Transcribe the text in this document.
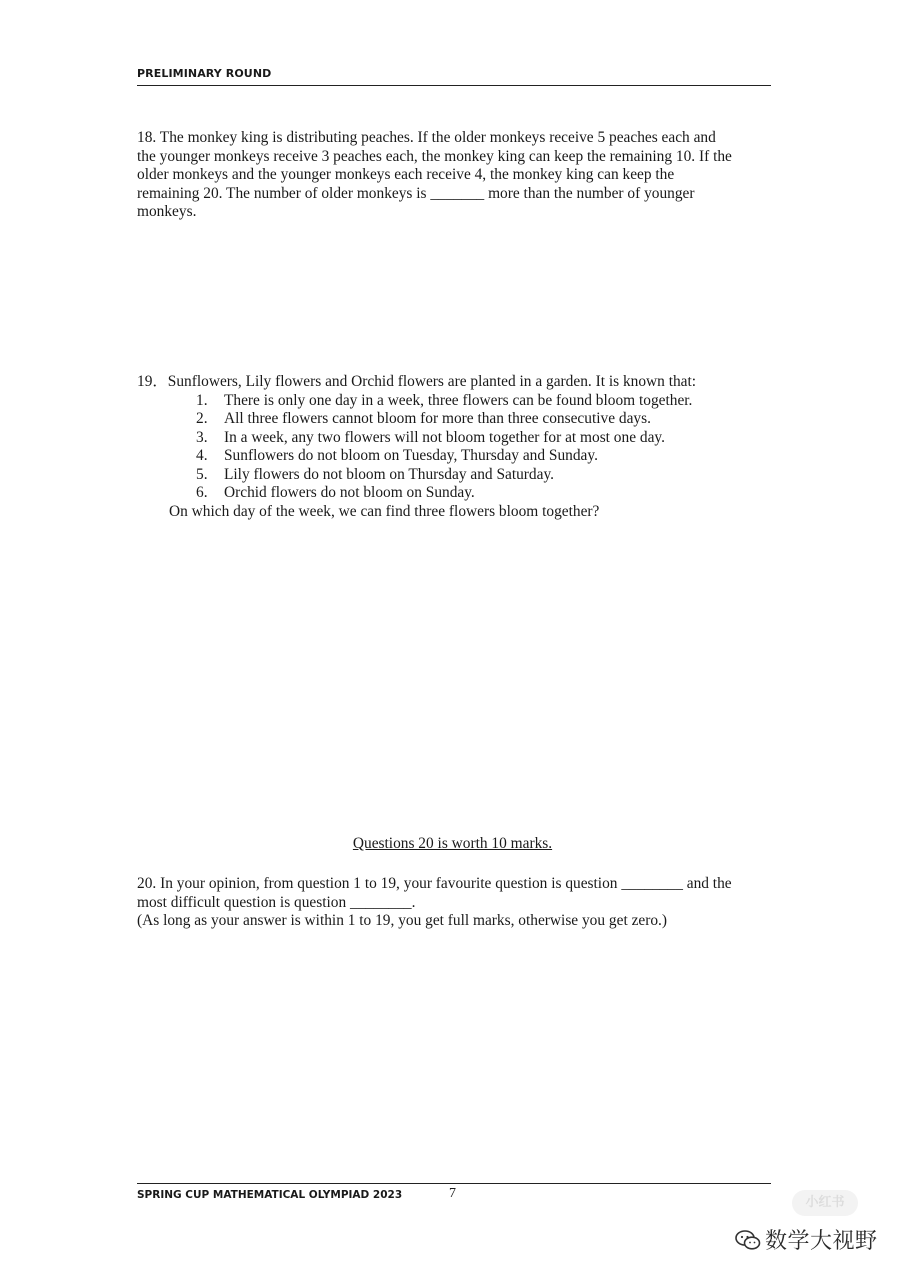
PRELIMINARY ROUND
18. The monkey king is distributing peaches. If the older monkeys receive 5 peaches each and
the younger monkeys receive 3 peaches each, the monkey king can keep the remaining 10. If the
older monkeys and the younger monkeys each receive 4, the monkey king can keep the
remaining 20. The number of older monkeys is _______ more than the number of younger
monkeys.
19．Sunflowers, Lily flowers and Orchid flowers are planted in a garden. It is known that:
1. There is only one day in a week, three flowers can be found bloom together.
2. All three flowers cannot bloom for more than three consecutive days.
3. In a week, any two flowers will not bloom together for at most one day.
4. Sunflowers do not bloom on Tuesday, Thursday and Sunday.
5. Lily flowers do not bloom on Thursday and Saturday.
6. Orchid flowers do not bloom on Sunday.
On which day of the week, we can find three flowers bloom together?
Questions 20 is worth 10 marks.
20. In your opinion, from question 1 to 19, your favourite question is question ________ and the
most difficult question is question ________.
(As long as your answer is within 1 to 19, you get full marks, otherwise you get zero.)
SPRING CUP MATHEMATICAL OLYMPIAD 2023	7
小红书
数学大视野
